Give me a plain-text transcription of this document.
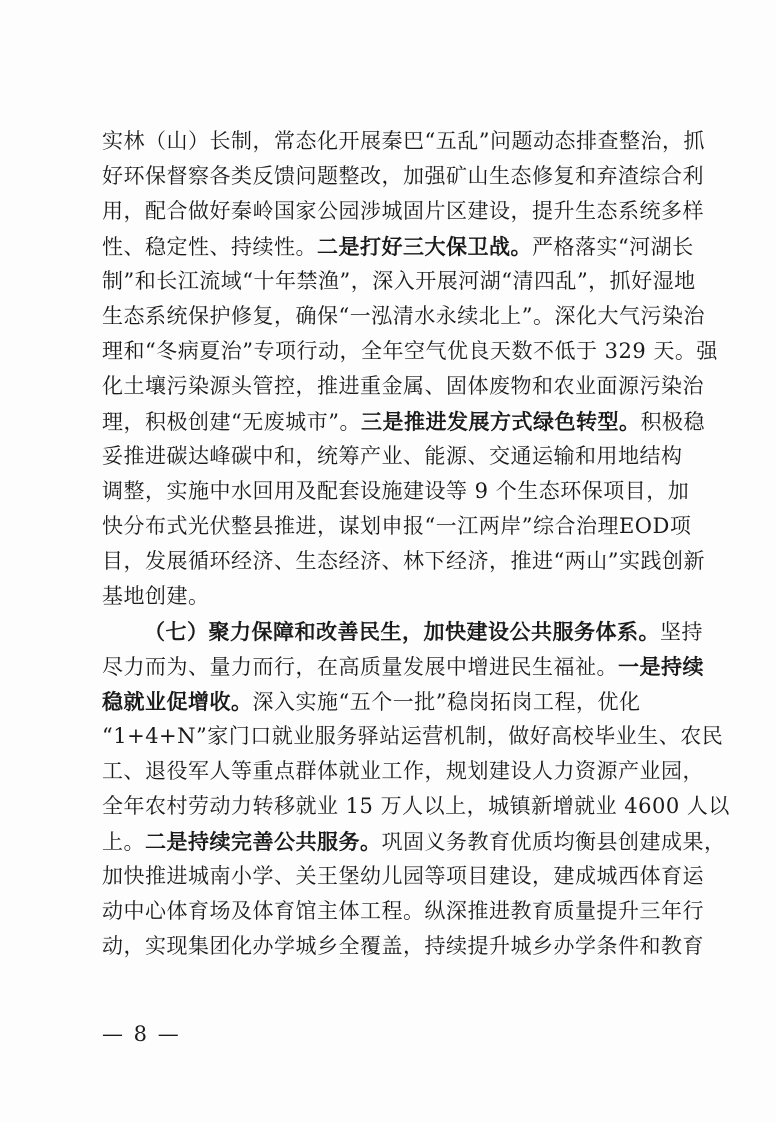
实林（山）长制，常态化开展秦巴“五乱”问题动态排查整治，抓
好环保督察各类反馈问题整改，加强矿山生态修复和弃渣综合利
用，配合做好秦岭国家公园涉城固片区建设，提升生态系统多样
性、稳定性、持续性。二是打好三大保卫战。严格落实“河湖长
制”和长江流域“十年禁渔”，深入开展河湖“清四乱”，抓好湿地
生态系统保护修复，确保“一泓清水永续北上”。深化大气污染治
理和“冬病夏治”专项行动，全年空气优良天数不低于 329 天。强
化土壤污染源头管控，推进重金属、固体废物和农业面源污染治
理，积极创建“无废城市”。三是推进发展方式绿色转型。积极稳
妥推进碳达峰碳中和，统筹产业、能源、交通运输和用地结构
调整，实施中水回用及配套设施建设等 9 个生态环保项目，加
快分布式光伏整县推进，谋划申报“一江两岸”综合治理EOD项
目，发展循环经济、生态经济、林下经济，推进“两山”实践创新
基地创建。
（七）聚力保障和改善民生，加快建设公共服务体系。坚持
尽力而为、量力而行，在高质量发展中增进民生福祉。一是持续
稳就业促增收。深入实施“五个一批”稳岗拓岗工程，优化
“1+4+N”家门口就业服务驿站运营机制，做好高校毕业生、农民
工、退役军人等重点群体就业工作，规划建设人力资源产业园，
全年农村劳动力转移就业 15 万人以上，城镇新增就业 4600 人以
上。二是持续完善公共服务。巩固义务教育优质均衡县创建成果，
加快推进城南小学、关王堡幼儿园等项目建设，建成城西体育运
动中心体育场及体育馆主体工程。纵深推进教育质量提升三年行
动，实现集团化办学城乡全覆盖，持续提升城乡办学条件和教育
— 8 —
